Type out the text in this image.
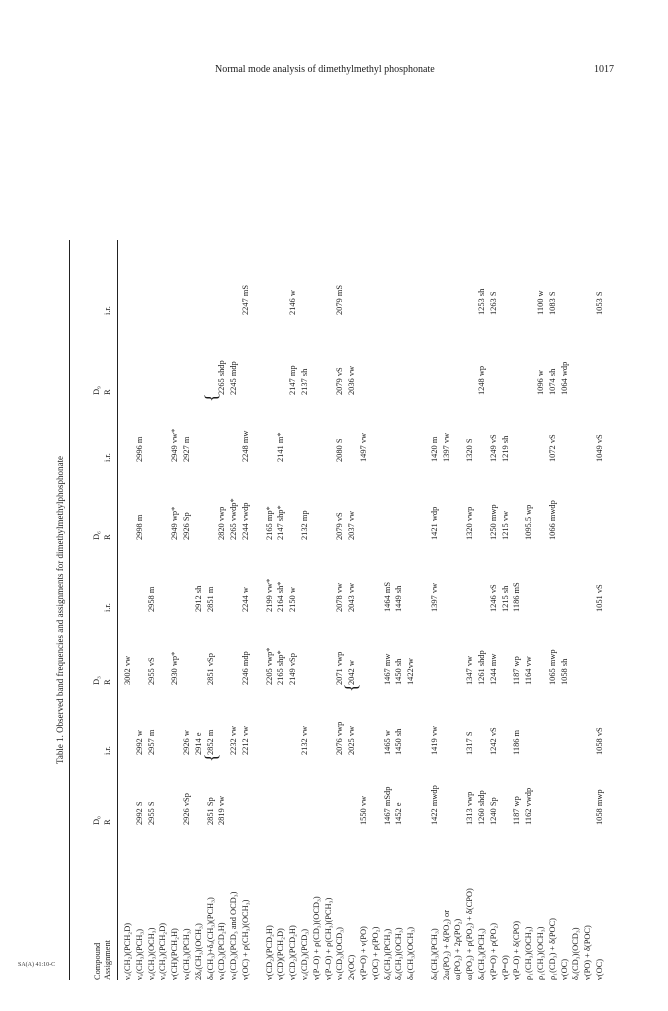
Normal mode analysis of dimethylmethyl phosphonate	1017
Table 1. Observed band frequencies and assignments for dimethylmethylphosphonate
Compound Assignment
D₀
D₃
D₆
D₉
R
i.r.
R
i.r.
R
i.r.
R
i.r.
νₐ(CH₂)(PCH₂D)
3002 vw
νₐ(CH₃)(PCH₃)
2992 S
2992 w
2998 m
2996 m
νₐ(CH₃)(OCH₃)
2955 S
2957 m
2955 vS
2958 m
νₐ(CH₃)(PCH₂D) ν(CH)(PCH₂H)
2930 wp*
2949 wp*
2949 vw*
νₛ(CH₃)(PCH₃)
2926 vSp
2926 w
2926 Sp
2927 m
2δₐ(CH₃)(OCH₃)
2914 e
2912 sh
δₛ(CH₃)+δₐ(CH₃)(PCH₃)
2851 Sp
2852 m
2851 vSp
2851 m
νₛ(CD₃)(PCD₂H)
2819 vw
2820 vwp
2265 shdp
νₛ(CD₃)(PCD₃ and OCD₃)
2232 vw
2265 vwdp*
2245 mdp
ν(OC) + ρ(CH₃)(OCH₃)
2212 vw
2246 mdp
2244 w
2244 vwdp
2248 mw
2247 mS
ν(CD₂)(PCD₂H)
2205 vwp*
2199 vw*
2165 mp*
ν(CD)(PCH₂D)
2165 shp*
2164 sh*
2147 shp*
2141 m*
ν(CD₂)(PCD₂H)
2149 vSp
2150 w
2147 mp
2146 w
νₐ(CD₃)(PCD₃)
2132 vw
2132 mp
2137 sh
ν(P–O) + ρ(CD₃)(OCD₃) ν(P–O) + ρ(CH₃)(PCH₃) νₛ(CD₃)(OCD₃)
2076 vwp
2071 vwp
2078 vw
2079 vS
2080 S
2079 vS
2079 mS
2ν(OC)
2025 vw
2042 w
2043 vw
2037 vw
2036 vw
ν(P=O) + ν(PO)
1550 vw
1497 vw
ν(OC) + ρ(PO₂) δₐ(CH₃)(PCH₃)
1467 mSdp
1465 w
1467 mw
1464 mS
δₐ(CH₃)(OCH₃)
1452 e
1450 sh
1450 sh
1449 sh
δₛ(CH₃)(OCH₃)
1422vw
δₛ(CH₃)(PCH₃)
1422 mwdp
1419 vw
1397 vw
1421 wdp
1420 m
2ω(PO₂) + δ(PO₂) or
1397 vw
ω(PO₂) + 2ρ(PO₂) ω(PO₂) + ρ(PO₂) + δ(CPO)
1313 vwp
1317 S
1347 vw
1320 vwp
1320 S
δₛ(CH₃)(PCH₃)
1260 shdp
1261 shdp
1248 wp
1253 sh
ν(P=O) + ρ(PO₂)
1240 Sp
1242 vS
1244 mw
1246 vS
1250 mwp
1249 vS
1263 S
ν(P=O)
1215 sh
1215 vw
1219 sh
ν(P–O) + δ(CPO)
1187 wp
1186 m
1187 wp
1186 mS
ρ₁(CH₃)(OCH₃)
1162 vwdp
1164 vw
1095.5 wp
ρ₁(CH₃)(OCH₃)
1096 w
1100 w
ρ₁(CD₃) + δ(POC)
1065 mwp
1066 mwdp
1072 vS
1074 sh
1083 S
ν(OC)
1058 sh
1064 wdp
δₐ(CD₃)(OCD₃) ν(PO) + δ(POC) ν(OC)
1058 mwp
1058 vS
1051 vS
1049 vS
1053 S
{
{
{
SA(A) 41:10-C
